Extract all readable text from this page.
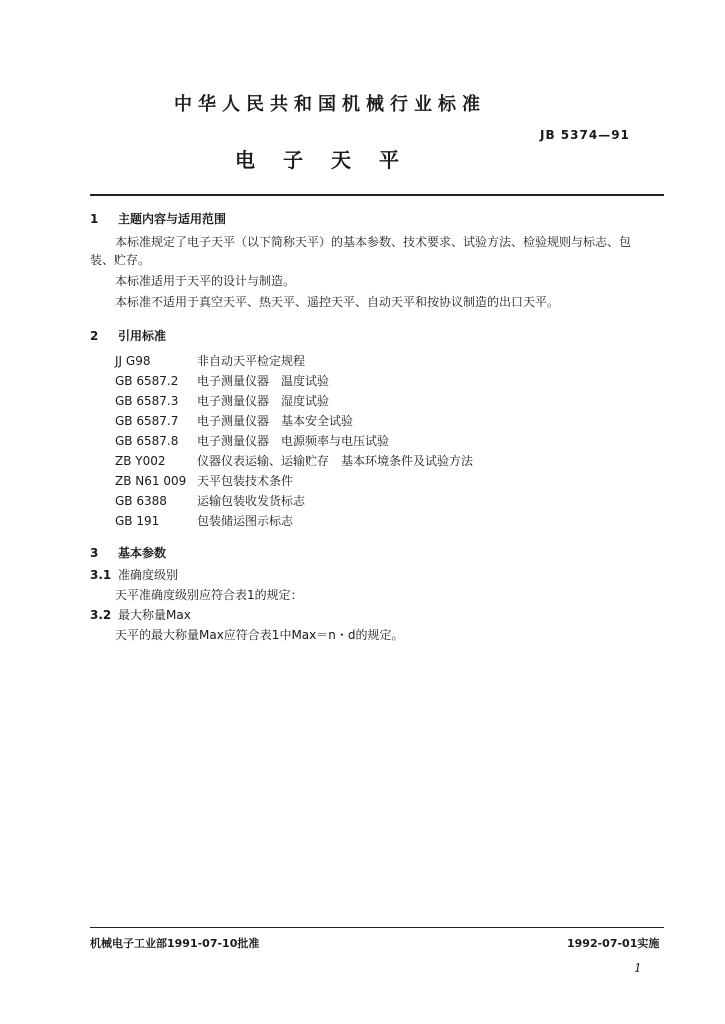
中华人民共和国机械行业标准
JB 5374—91
电子天平
1 主题内容与适用范围
本标准规定了电子天平（以下简称天平）的基本参数、技术要求、试验方法、检验规则与标志、包
装、贮存。
本标准适用于天平的设计与制造。
本标准不适用于真空天平、热天平、遥控天平、自动天平和按协议制造的出口天平。
2 引用标准
JJ G98	非自动天平检定规程
GB 6587.2 电子测量仪器　温度试验
GB 6587.3 电子测量仪器　湿度试验
GB 6587.7 电子测量仪器　基本安全试验
GB 6587.8 电子测量仪器　电源频率与电压试验
ZB Y002	仪器仪表运输、运输贮存　基本环境条件及试验方法
ZB N61 009 天平包装技术条件
GB 6388	运输包装收发货标志
GB 191	包装储运图示标志
3 基本参数
3.1 准确度级别
天平准确度级别应符合表1的规定：
3.2 最大称量Max
天平的最大称量Max应符合表1中Max＝n・d的规定。
机械电子工业部1991-07-10批准	1992-07-01实施
1
